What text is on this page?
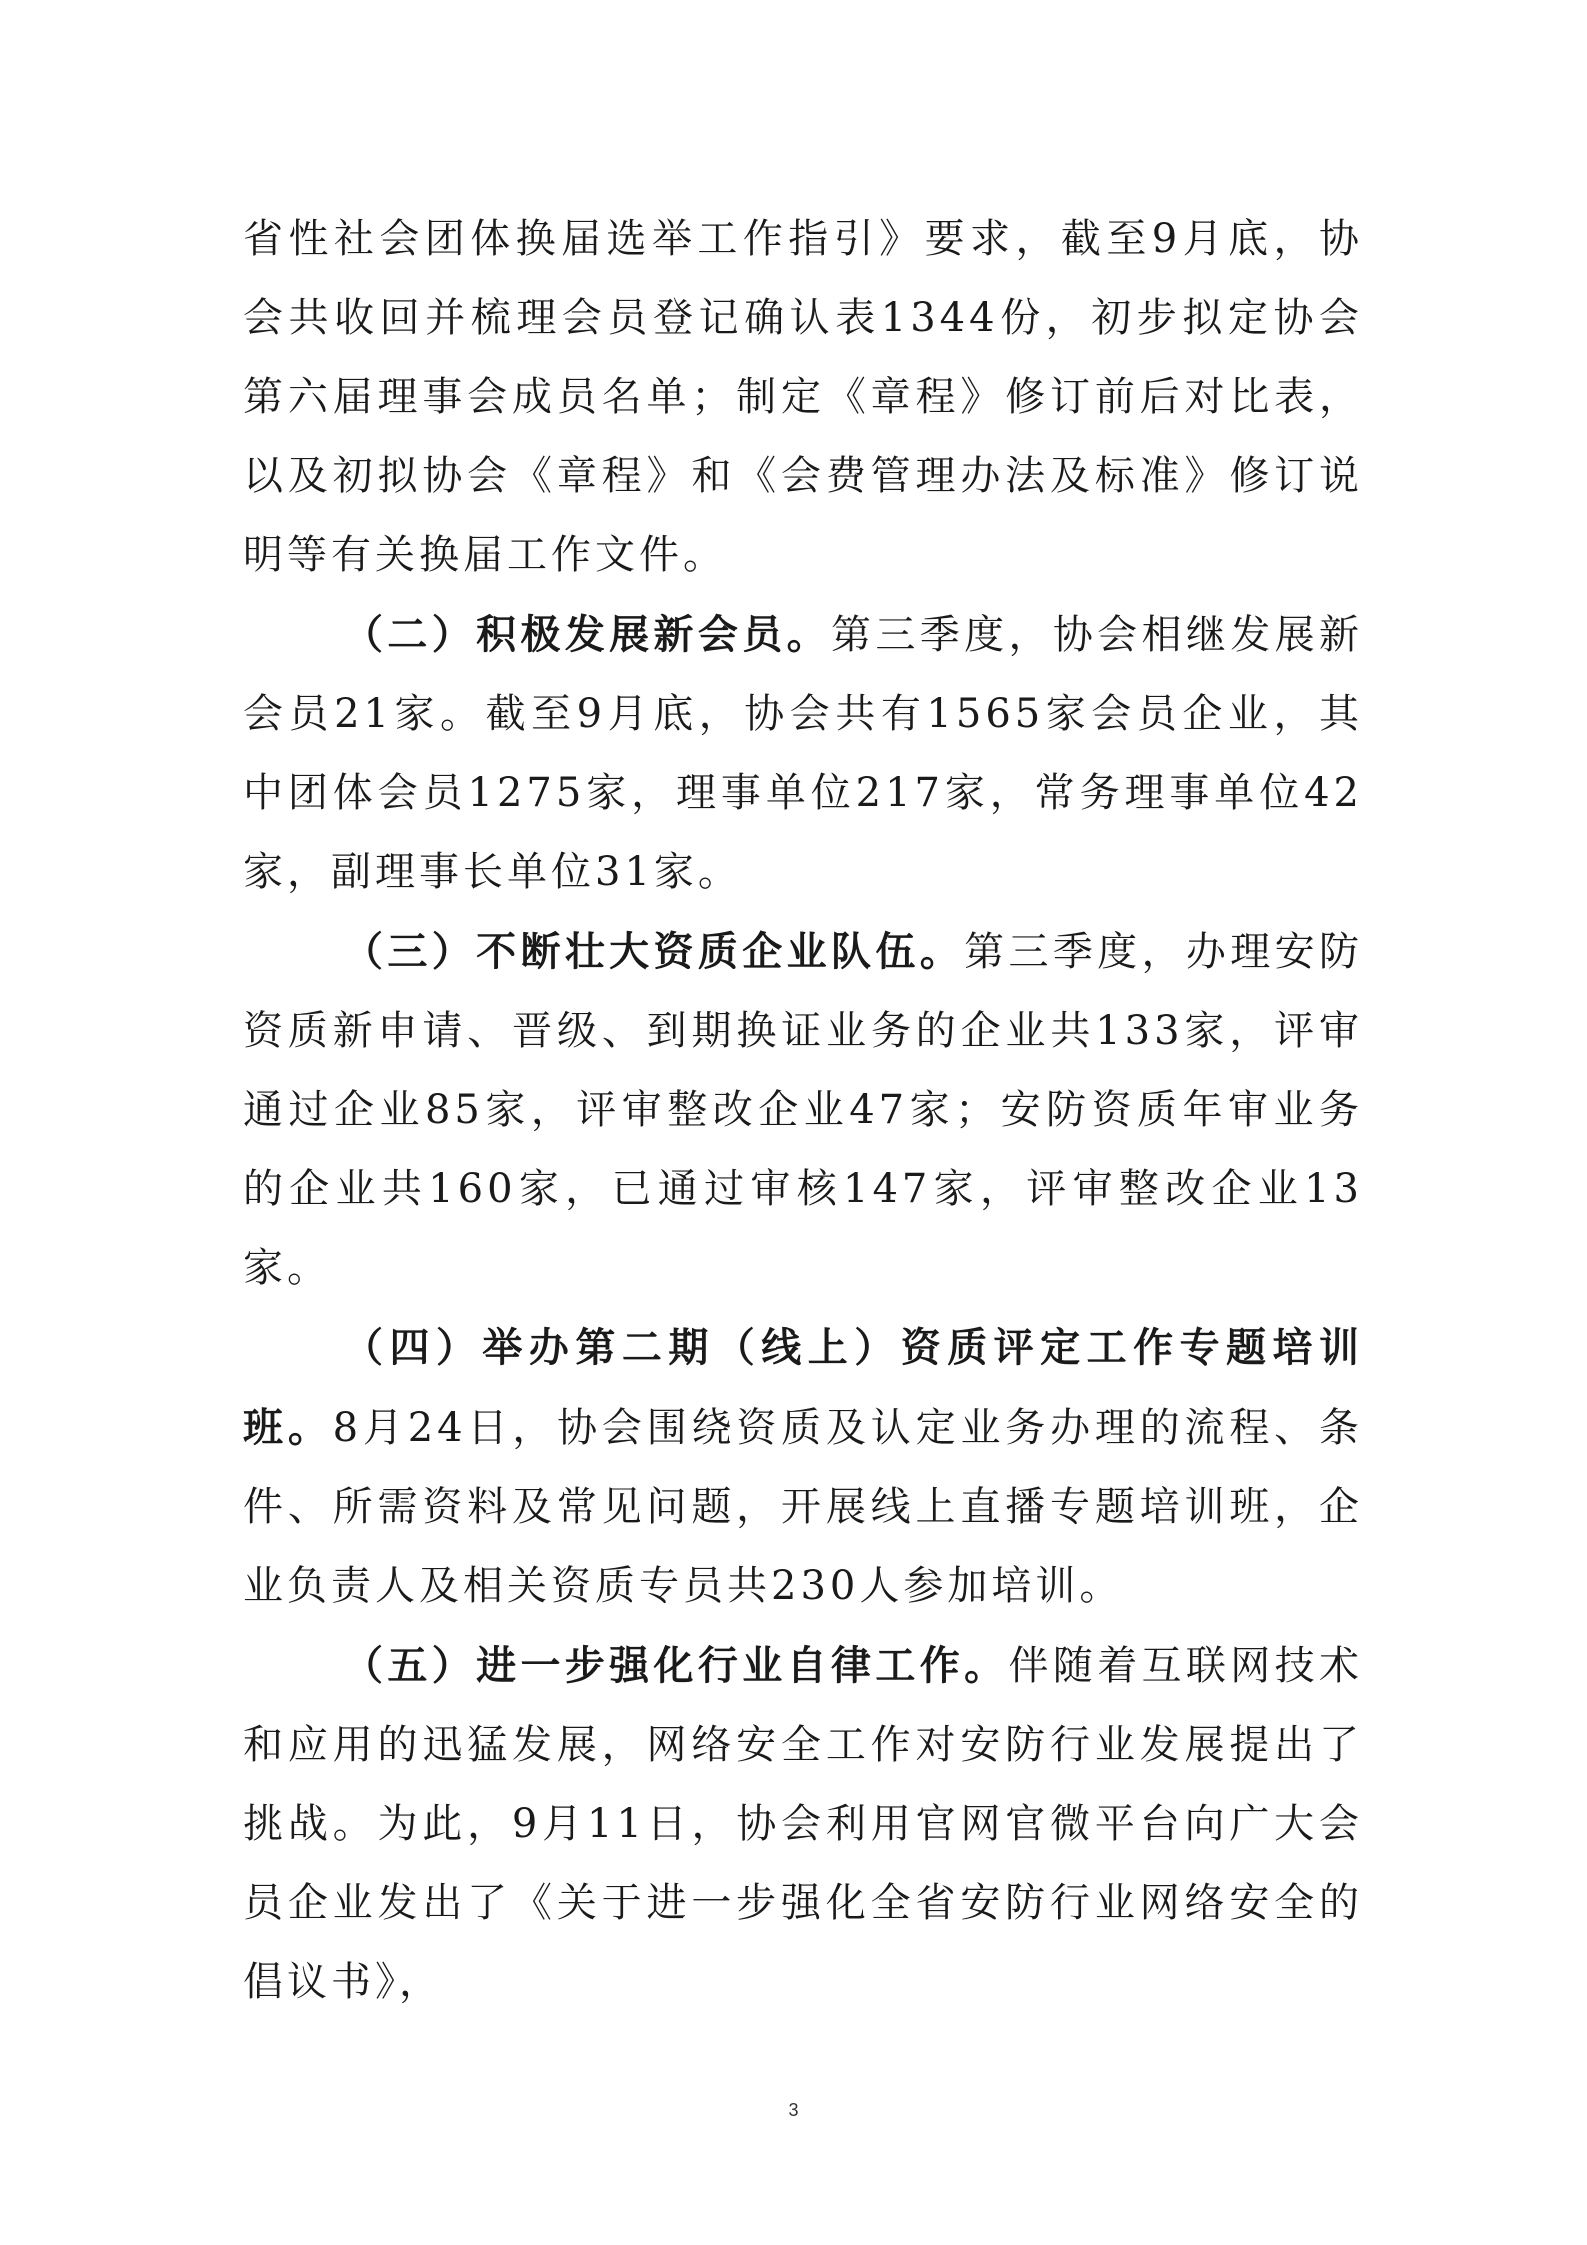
省性社会团体换届选举工作指引》要求，截至9月底，协会共收回并梳理会员登记确认表1344份，初步拟定协会第六届理事会成员名单；制定《章程》修订前后对比表，以及初拟协会《章程》和《会费管理办法及标准》修订说明等有关换届工作文件。

（二）积极发展新会员。第三季度，协会相继发展新会员21家。截至9月底，协会共有1565家会员企业，其中团体会员1275家，理事单位217家，常务理事单位42家，副理事长单位31家。

（三）不断壮大资质企业队伍。第三季度，办理安防资质新申请、晋级、到期换证业务的企业共133家，评审通过企业85家，评审整改企业47家；安防资质年审业务的企业共160家，已通过审核147家，评审整改企业13家。

（四）举办第二期（线上）资质评定工作专题培训班。8月24日，协会围绕资质及认定业务办理的流程、条件、所需资料及常见问题，开展线上直播专题培训班，企业负责人及相关资质专员共230人参加培训。

（五）进一步强化行业自律工作。伴随着互联网技术和应用的迅猛发展，网络安全工作对安防行业发展提出了挑战。为此，9月11日，协会利用官网官微平台向广大会员企业发出了《关于进一步强化全省安防行业网络安全的倡议书》，

3
